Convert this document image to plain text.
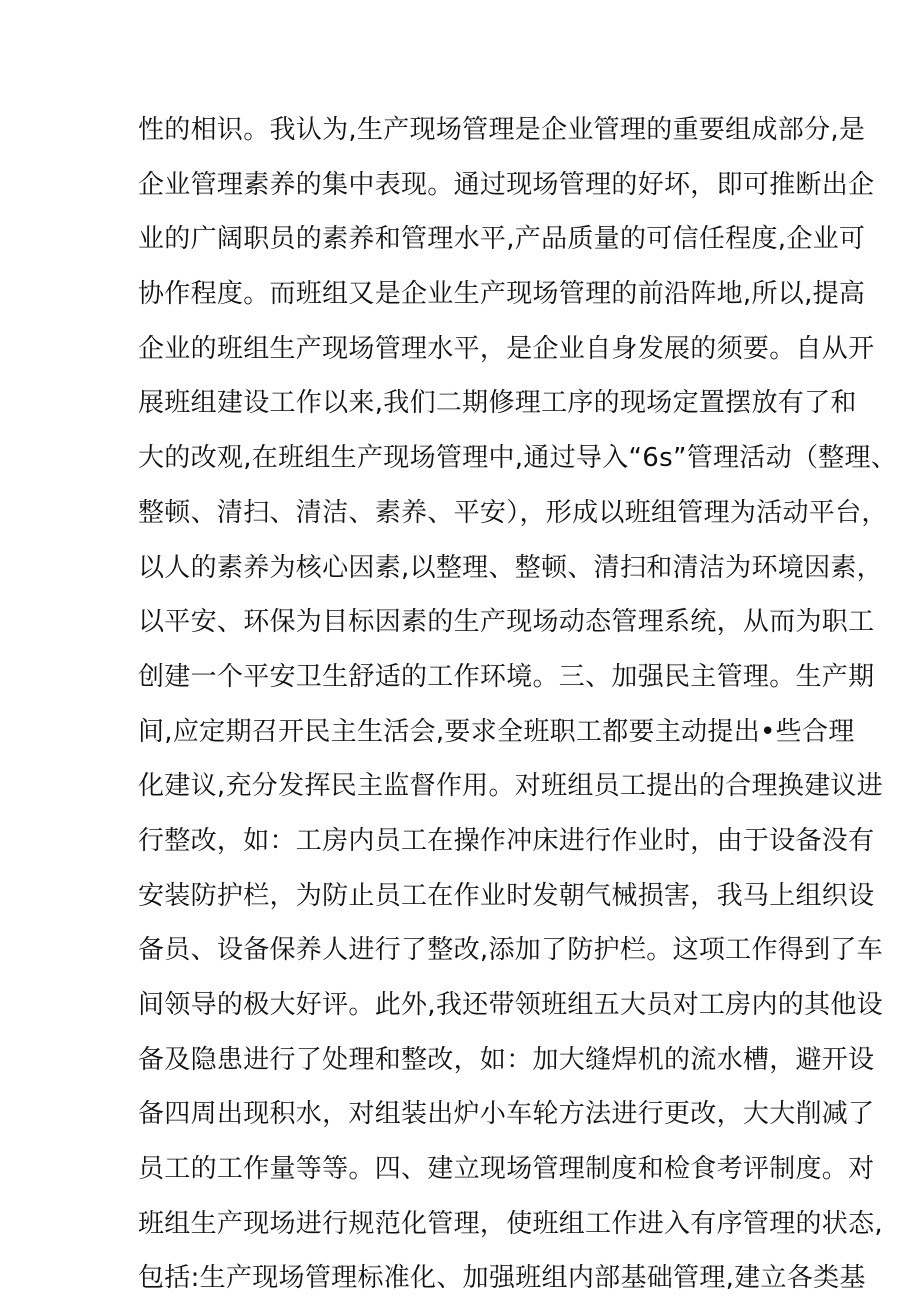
性的相识。我认为,生产现场管理是企业管理的重要组成部分,是
企业管理素养的集中表现。通过现场管理的好坏，即可推断出企
业的广阔职员的素养和管理水平,产品质量的可信任程度,企业可
协作程度。而班组又是企业生产现场管理的前沿阵地,所以,提高
企业的班组生产现场管理水平，是企业自身发展的须要。自从开
展班组建设工作以来,我们二期修理工序的现场定置摆放有了和
大的改观,在班组生产现场管理中,通过导入“6s”管理活动（整理、
整顿、清扫、清洁、素养、平安），形成以班组管理为活动平台，
以人的素养为核心因素,以整理、整顿、清扫和清洁为环境因素，
以平安、环保为目标因素的生产现场动态管理系统，从而为职工
创建一个平安卫生舒适的工作环境。三、加强民主管理。生产期
间,应定期召开民主生活会,要求全班职工都要主动提出•些合理
化建议,充分发挥民主监督作用。对班组员工提出的合理换建议进
行整改，如：工房内员工在操作冲床进行作业时，由于设备没有
安装防护栏，为防止员工在作业时发朝气械损害，我马上组织设
备员、设备保养人进行了整改,添加了防护栏。这项工作得到了车
间领导的极大好评。此外,我还带领班组五大员对工房内的其他设
备及隐患进行了处理和整改，如：加大缝焊机的流水槽，避开设
备四周出现积水，对组装出炉小车轮方法进行更改，大大削减了
员工的工作量等等。四、建立现场管理制度和检食考评制度。对
班组生产现场进行规范化管理，使班组工作进入有序管理的状态,
包括:生产现场管理标准化、加强班组内部基础管理,建立各类基
